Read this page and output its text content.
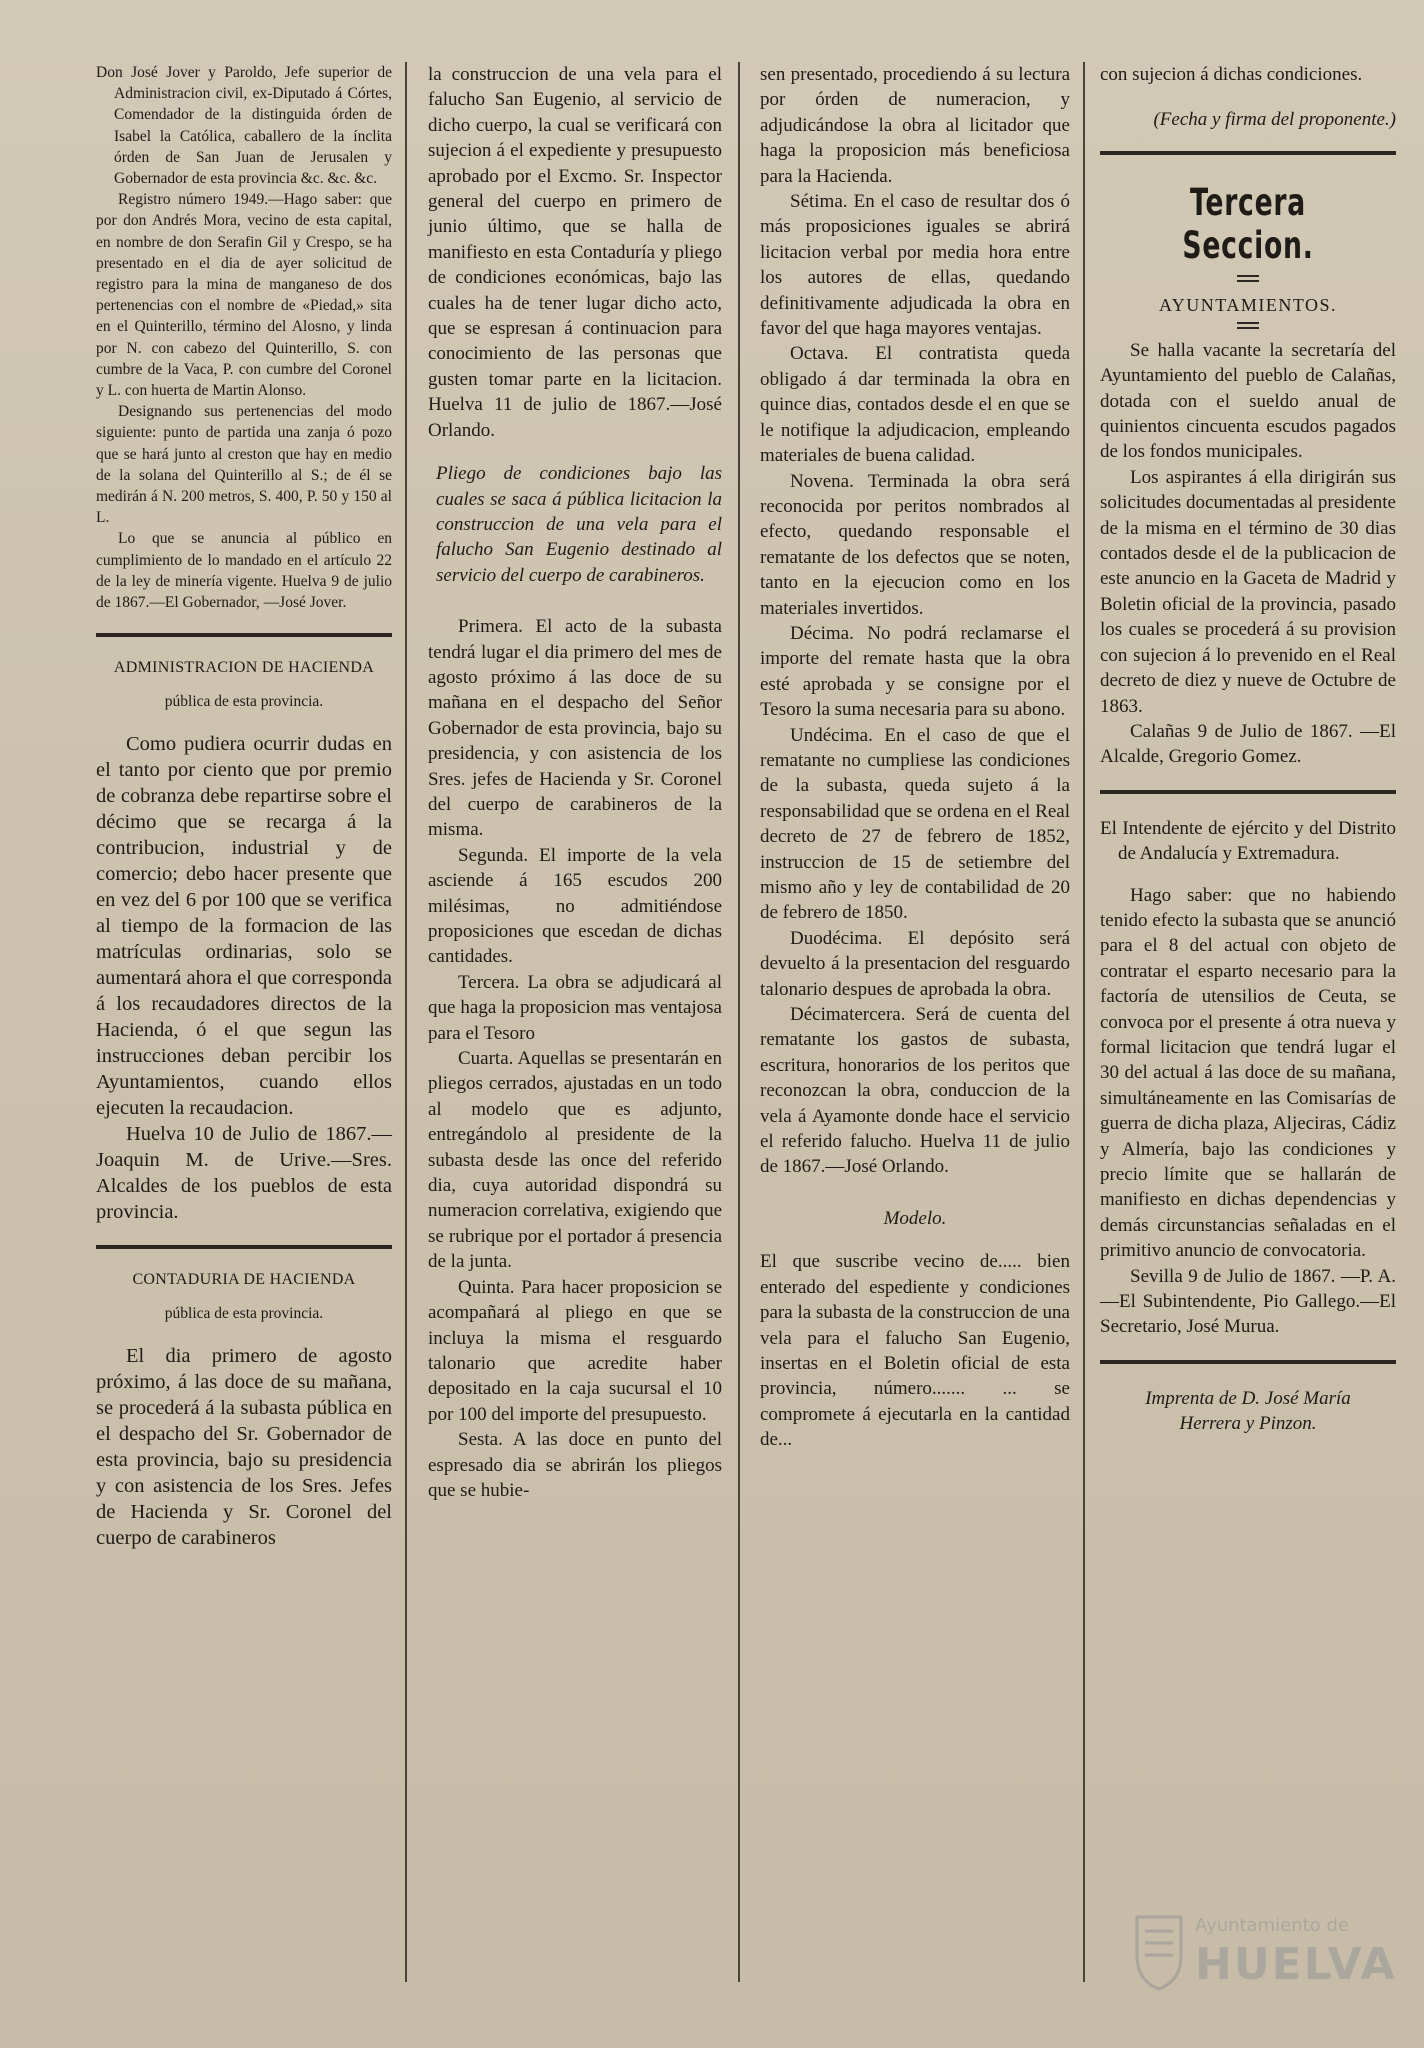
Don José Jover y Paroldo, Jefe superior de Administracion civil, ex-Diputado á Córtes, Comendador de la distinguida órden de Isabel la Católica, caballero de la ínclita órden de San Juan de Jerusalen y Gobernador de esta provincia &c. &c. &c.

Registro número 1949.—Hago saber: que por don Andrés Mora, vecino de esta capital, en nombre de don Serafin Gil y Crespo, se ha presentado en el dia de ayer solicitud de registro para la mina de manganeso de dos pertenencias con el nombre de «Piedad,» sita en el Quinterillo, término del Alosno, y linda por N. con cabezo del Quinterillo, S. con cumbre de la Vaca, P. con cumbre del Coronel y L. con huerta de Martin Alonso.

Designando sus pertenencias del modo siguiente: punto de partida una zanja ó pozo que se hará junto al creston que hay en medio de la solana del Quinterillo al S.; de él se medirán á N. 200 metros, S. 400, P. 50 y 150 al L.

Lo que se anuncia al público en cumplimiento de lo mandado en el artículo 22 de la ley de minería vigente. Huelva 9 de julio de 1867.—El Gobernador, —José Jover.

ADMINISTRACION DE HACIENDA
pública de esta provincia.

Como pudiera ocurrir dudas en el tanto por ciento que por premio de cobranza debe repartirse sobre el décimo que se recarga á la contribucion, industrial y de comercio; debo hacer presente que en vez del 6 por 100 que se verifica al tiempo de la formacion de las matrículas ordinarias, solo se aumentará ahora el que corresponda á los recaudadores directos de la Hacienda, ó el que segun las instrucciones deban percibir los Ayuntamientos, cuando ellos ejecuten la recaudacion.

Huelva 10 de Julio de 1867.—Joaquin M. de Urive.—Sres. Alcaldes de los pueblos de esta provincia.

CONTADURIA DE HACIENDA
pública de esta provincia.

El dia primero de agosto próximo, á las doce de su mañana, se procederá á la subasta pública en el despacho del Sr. Gobernador de esta provincia, bajo su presidencia y con asistencia de los Sres. Jefes de Hacienda y Sr. Coronel del cuerpo de carabineros

la construccion de una vela para el falucho San Eugenio, al servicio de dicho cuerpo, la cual se verificará con sujecion á el expediente y presupuesto aprobado por el Excmo. Sr. Inspector general del cuerpo en primero de junio último, que se halla de manifiesto en esta Contaduría y pliego de condiciones económicas, bajo las cuales ha de tener lugar dicho acto, que se espresan á continuacion para conocimiento de las personas que gusten tomar parte en la licitacion. Huelva 11 de julio de 1867.—José Orlando.

Pliego de condiciones bajo las cuales se saca á pública licitacion la construccion de una vela para el falucho San Eugenio destinado al servicio del cuerpo de carabineros.

Primera. El acto de la subasta tendrá lugar el dia primero del mes de agosto próximo á las doce de su mañana en el despacho del Señor Gobernador de esta provincia, bajo su presidencia, y con asistencia de los Sres. jefes de Hacienda y Sr. Coronel del cuerpo de carabineros de la misma.

Segunda. El importe de la vela asciende á 165 escudos 200 milésimas, no admitiéndose proposiciones que escedan de dichas cantidades.

Tercera. La obra se adjudicará al que haga la proposicion mas ventajosa para el Tesoro

Cuarta. Aquellas se presentarán en pliegos cerrados, ajustadas en un todo al modelo que es adjunto, entregándolo al presidente de la subasta desde las once del referido dia, cuya autoridad dispondrá su numeracion correlativa, exigiendo que se rubrique por el portador á presencia de la junta.

Quinta. Para hacer proposicion se acompañará al pliego en que se incluya la misma el resguardo talonario que acredite haber depositado en la caja sucursal el 10 por 100 del importe del presupuesto.

Sesta. A las doce en punto del espresado dia se abrirán los pliegos que se hubie-

sen presentado, procediendo á su lectura por órden de numeracion, y adjudicándose la obra al licitador que haga la proposicion más beneficiosa para la Hacienda.

Sétima. En el caso de resultar dos ó más proposiciones iguales se abrirá licitacion verbal por media hora entre los autores de ellas, quedando definitivamente adjudicada la obra en favor del que haga mayores ventajas.

Octava. El contratista queda obligado á dar terminada la obra en quince dias, contados desde el en que se le notifique la adjudicacion, empleando materiales de buena calidad.

Novena. Terminada la obra será reconocida por peritos nombrados al efecto, quedando responsable el rematante de los defectos que se noten, tanto en la ejecucion como en los materiales invertidos.

Décima. No podrá reclamarse el importe del remate hasta que la obra esté aprobada y se consigne por el Tesoro la suma necesaria para su abono.

Undécima. En el caso de que el rematante no cumpliese las condiciones de la subasta, queda sujeto á la responsabilidad que se ordena en el Real decreto de 27 de febrero de 1852, instruccion de 15 de setiembre del mismo año y ley de contabilidad de 20 de febrero de 1850.

Duodécima. El depósito será devuelto á la presentacion del resguardo talonario despues de aprobada la obra.

Décimatercera. Será de cuenta del rematante los gastos de subasta, escritura, honorarios de los peritos que reconozcan la obra, conduccion de la vela á Ayamonte donde hace el servicio el referido falucho. Huelva 11 de julio de 1867.—José Orlando.

Modelo.

El que suscribe vecino de..... bien enterado del espediente y condiciones para la subasta de la construccion de una vela para el falucho San Eugenio, insertas en el Boletin oficial de esta provincia, número....... ... se compromete á ejecutarla en la cantidad de...

con sujecion á dichas condiciones.

(Fecha y firma del proponente.)

Tercera Seccion.
AYUNTAMIENTOS.

Se halla vacante la secretaría del Ayuntamiento del pueblo de Calañas, dotada con el sueldo anual de quinientos cincuenta escudos pagados de los fondos municipales.

Los aspirantes á ella dirigirán sus solicitudes documentadas al presidente de la misma en el término de 30 dias contados desde el de la publicacion de este anuncio en la Gaceta de Madrid y Boletin oficial de la provincia, pasado los cuales se procederá á su provision con sujecion á lo prevenido en el Real decreto de diez y nueve de Octubre de 1863.

Calañas 9 de Julio de 1867. —El Alcalde, Gregorio Gomez.

El Intendente de ejército y del Distrito de Andalucía y Extremadura.

Hago saber: que no habiendo tenido efecto la subasta que se anunció para el 8 del actual con objeto de contratar el esparto necesario para la factoría de utensilios de Ceuta, se convoca por el presente á otra nueva y formal licitacion que tendrá lugar el 30 del actual á las doce de su mañana, simultáneamente en las Comisarías de guerra de dicha plaza, Aljeciras, Cádiz y Almería, bajo las condiciones y precio límite que se hallarán de manifiesto en dichas dependencias y demás circunstancias señaladas en el primitivo anuncio de convocatoria.

Sevilla 9 de Julio de 1867. —P. A.—El Subintendente, Pio Gallego.—El Secretario, José Murua.

Imprenta de D. José María Herrera y Pinzon.

Ayuntamiento de
HUELVA
